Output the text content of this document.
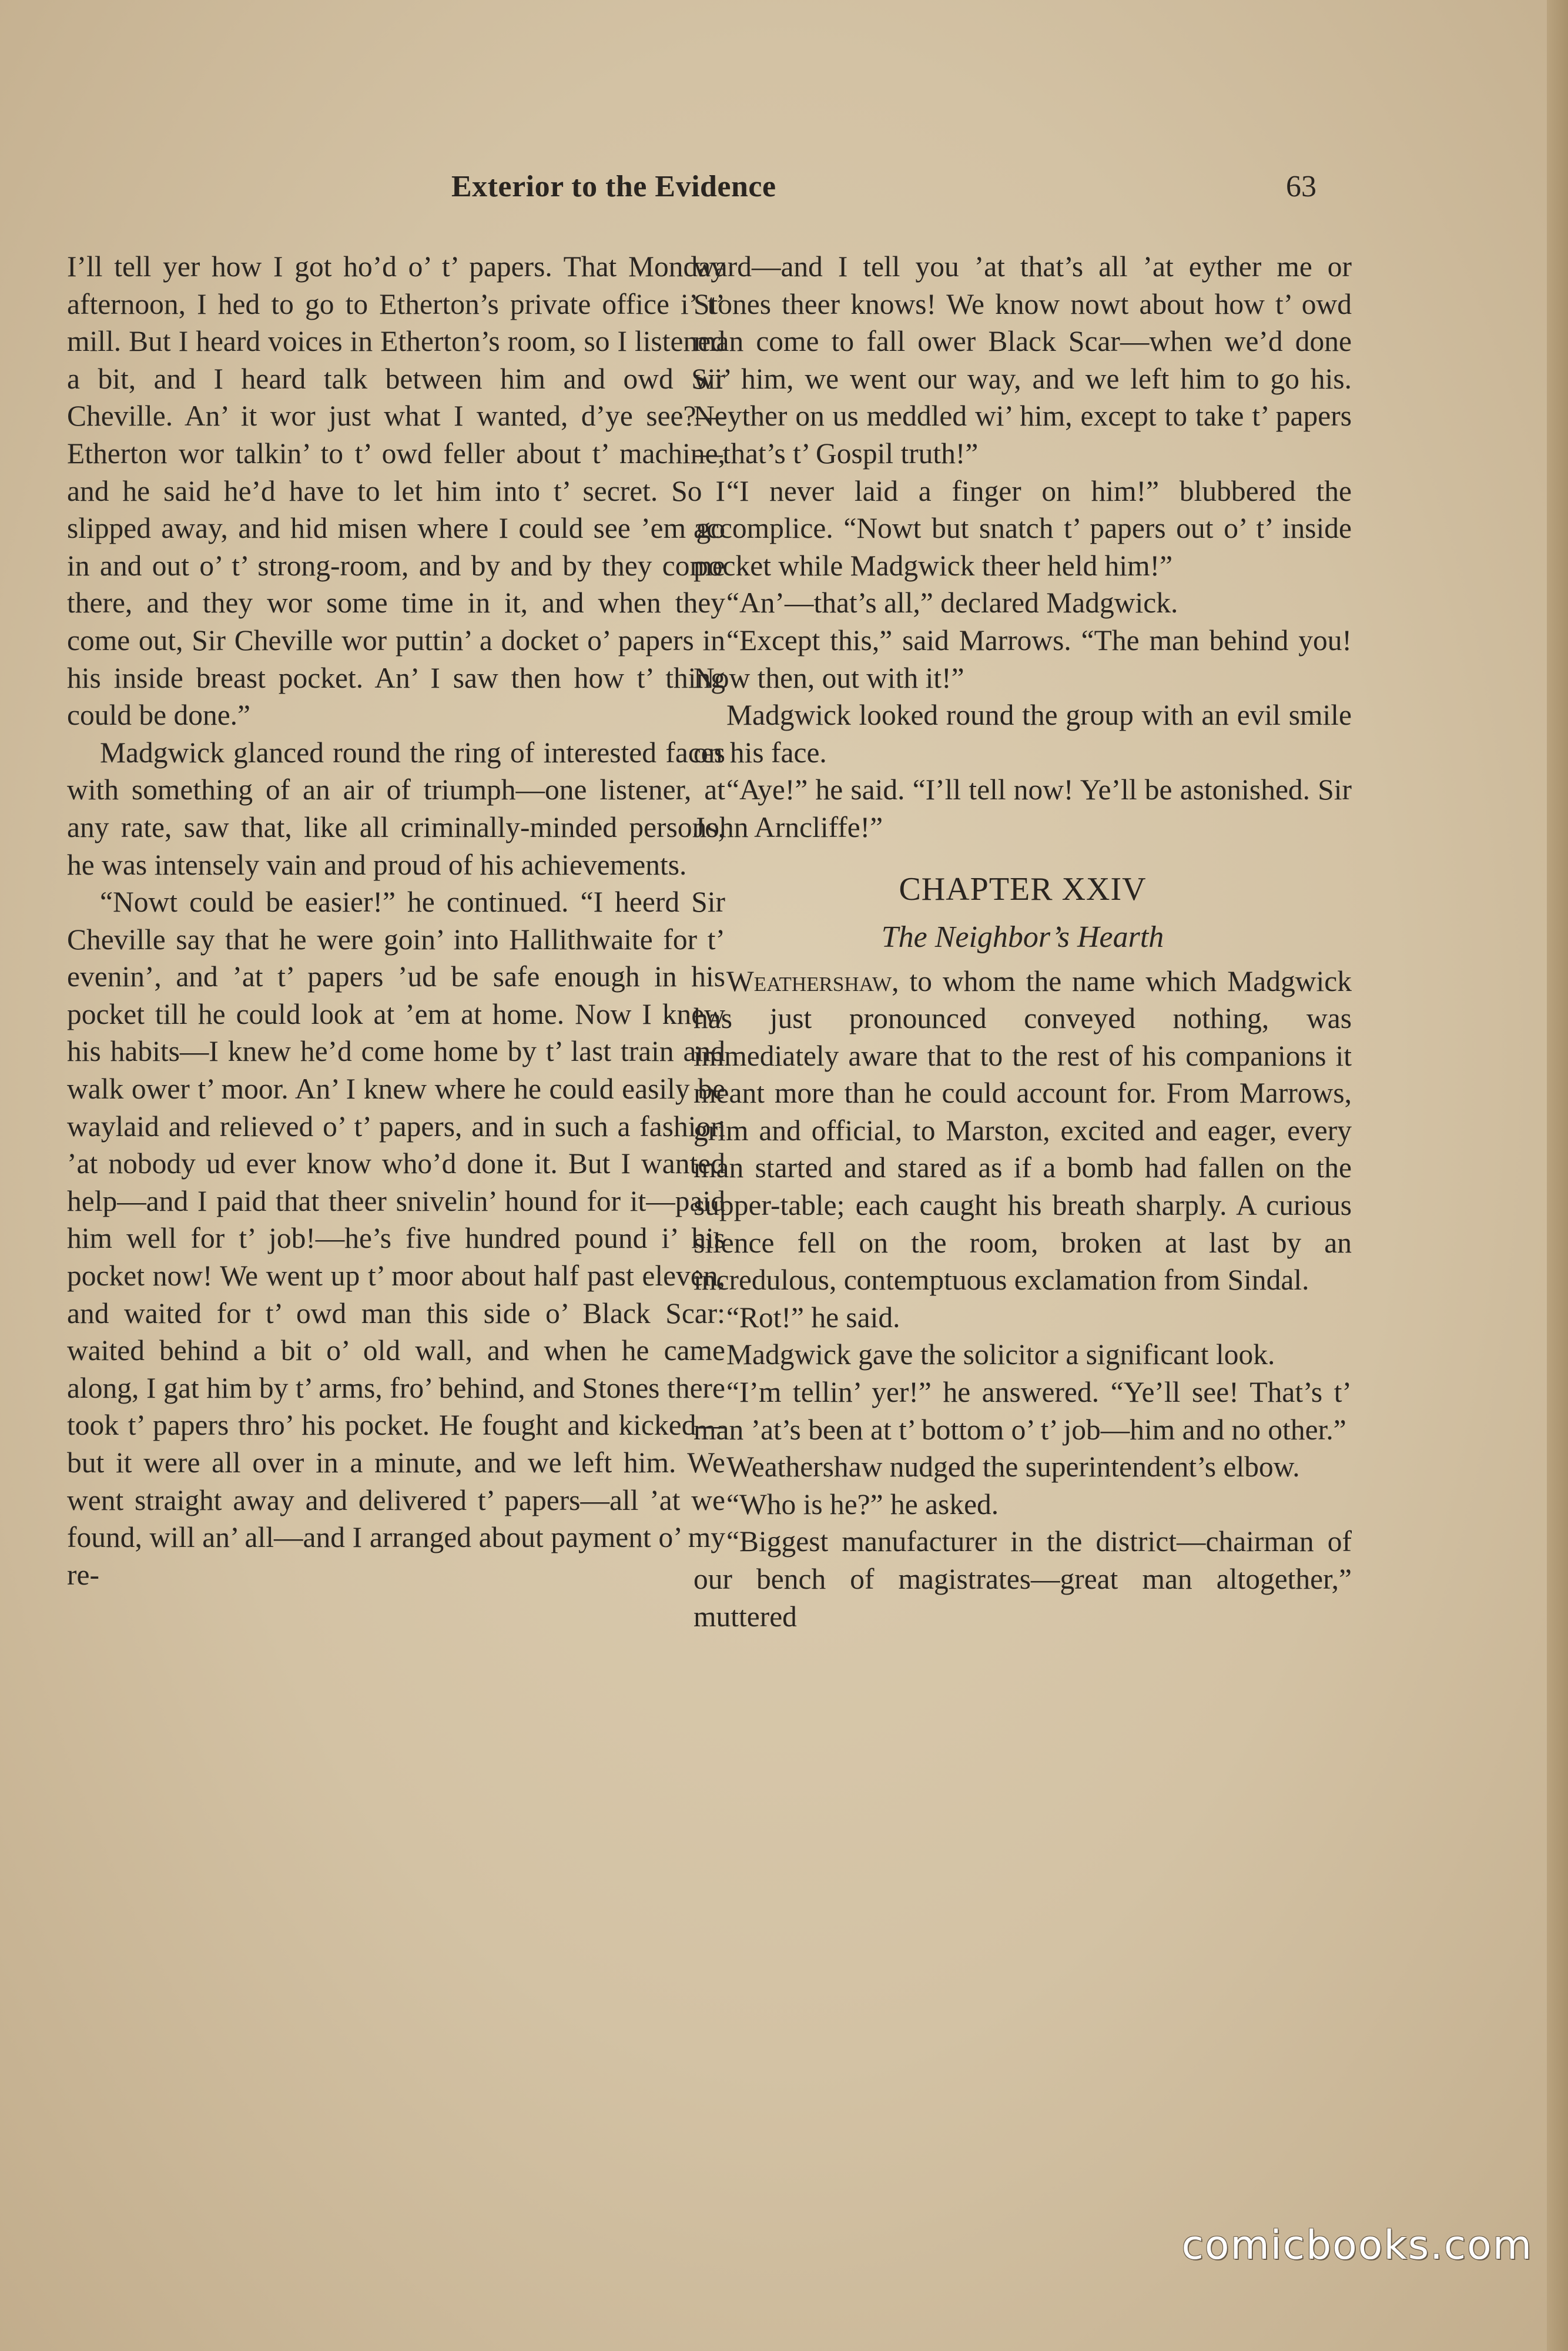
Exterior to the Evidence	63

I’ll tell yer how I got ho’d o’ t’ papers. That Monday afternoon, I hed to go to Etherton’s private office i’ t’ mill. But I heard voices in Etherton’s room, so I listened a bit, and I heard talk between him and owd Sir Cheville. An’ it wor just what I wanted, d’ye see?—Etherton wor talkin’ to t’ owd feller about t’ machine, and he said he’d have to let him into t’ secret. So I slipped away, and hid misen where I could see ’em go in and out o’ t’ strong-room, and by and by they come there, and they wor some time in it, and when they come out, Sir Cheville wor puttin’ a docket o’ papers in his inside breast pocket. An’ I saw then how t’ thing could be done.”

Madgwick glanced round the ring of interested faces with something of an air of triumph—one listener, at any rate, saw that, like all criminally-minded persons, he was intensely vain and proud of his achievements.

“Nowt could be easier!” he continued. “I heerd Sir Cheville say that he were goin’ into Hallithwaite for t’ evenin’, and ’at t’ papers ’ud be safe enough in his pocket till he could look at ’em at home. Now I knew his habits—I knew he’d come home by t’ last train and walk ower t’ moor. An’ I knew where he could easily be waylaid and relieved o’ t’ papers, and in such a fashion ’at nobody ud ever know who’d done it. But I wanted help—and I paid that theer snivelin’ hound for it—paid him well for t’ job!—he’s five hundred pound i’ his pocket now! We went up t’ moor about half past eleven, and waited for t’ owd man this side o’ Black Scar: waited behind a bit o’ old wall, and when he came along, I gat him by t’ arms, fro’ behind, and Stones there took t’ papers thro’ his pocket. He fought and kicked—but it were all over in a minute, and we left him. We went straight away and delivered t’ papers—all ’at we found, will an’ all—and I arranged about payment o’ my re-

ward—and I tell you ’at that’s all ’at eyther me or Stones theer knows! We know nowt about how t’ owd man come to fall ower Black Scar—when we’d done wi’ him, we went our way, and we left him to go his. Neyther on us meddled wi’ him, except to take t’ papers—that’s t’ Gospil truth!”

“I never laid a finger on him!” blubbered the accomplice. “Nowt but snatch t’ papers out o’ t’ inside pocket while Madgwick theer held him!”

“An’—that’s all,” declared Madgwick.

“Except this,” said Marrows. “The man behind you! Now then, out with it!”

Madgwick looked round the group with an evil smile on his face.

“Aye!” he said. “I’ll tell now! Ye’ll be astonished. Sir John Arncliffe!”

CHAPTER XXIV
The Neighbor’s Hearth

Weathershaw, to whom the name which Madgwick has just pronounced conveyed nothing, was immediately aware that to the rest of his companions it meant more than he could account for. From Marrows, grim and official, to Marston, excited and eager, every man started and stared as if a bomb had fallen on the supper-table; each caught his breath sharply. A curious silence fell on the room, broken at last by an incredulous, contemptuous exclamation from Sindal.

“Rot!” he said.

Madgwick gave the solicitor a significant look.

“I’m tellin’ yer!” he answered. “Ye’ll see! That’s t’ man ’at’s been at t’ bottom o’ t’ job—him and no other.”

Weathershaw nudged the superintendent’s elbow.

“Who is he?” he asked.

“Biggest manufacturer in the district—chairman of our bench of magistrates—great man altogether,” muttered

comicbooks.com
